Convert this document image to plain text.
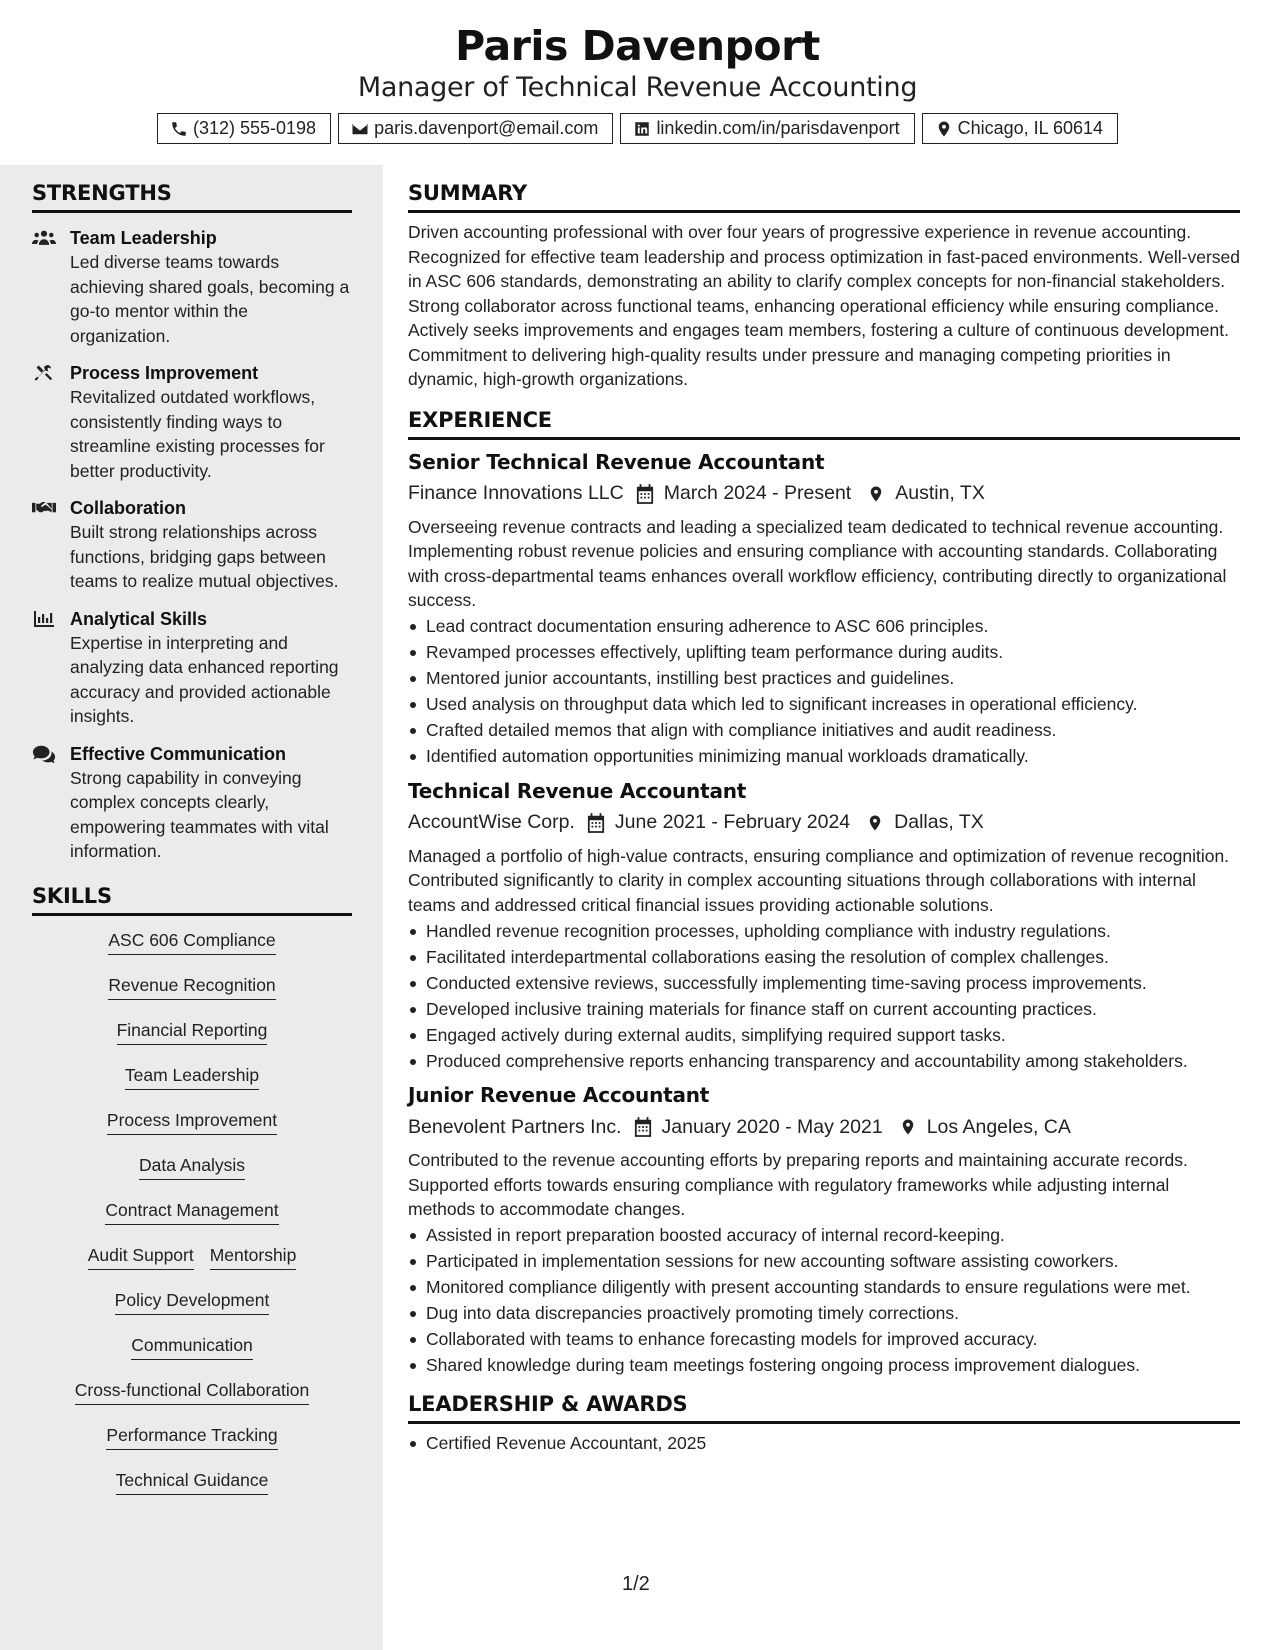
Paris Davenport
Manager of Technical Revenue Accounting
(312) 555-0198	paris.davenport@email.com	linkedin.com/in/parisdavenport	Chicago, IL 60614
STRENGTHS
Team Leadership
Led diverse teams towards achieving shared goals, becoming a go-to mentor within the organization.
Process Improvement
Revitalized outdated workflows, consistently finding ways to streamline existing processes for better productivity.
Collaboration
Built strong relationships across functions, bridging gaps between teams to realize mutual objectives.
Analytical Skills
Expertise in interpreting and analyzing data enhanced reporting accuracy and provided actionable insights.
Effective Communication
Strong capability in conveying complex concepts clearly, empowering teammates with vital information.
SKILLS
ASC 606 Compliance
Revenue Recognition
Financial Reporting
Team Leadership
Process Improvement
Data Analysis
Contract Management
Audit Support Mentorship
Policy Development
Communication
Cross-functional Collaboration
Performance Tracking
Technical Guidance
SUMMARY
Driven accounting professional with over four years of progressive experience in revenue accounting. Recognized for effective team leadership and process optimization in fast-paced environments. Well-versed in ASC 606 standards, demonstrating an ability to clarify complex concepts for non-financial stakeholders. Strong collaborator across functional teams, enhancing operational efficiency while ensuring compliance. Actively seeks improvements and engages team members, fostering a culture of continuous development. Commitment to delivering high-quality results under pressure and managing competing priorities in dynamic, high-growth organizations.
EXPERIENCE
Senior Technical Revenue Accountant
Finance Innovations LLC March 2024 - Present Austin, TX
Overseeing revenue contracts and leading a specialized team dedicated to technical revenue accounting. Implementing robust revenue policies and ensuring compliance with accounting standards. Collaborating with cross-departmental teams enhances overall workflow efficiency, contributing directly to organizational success.
Lead contract documentation ensuring adherence to ASC 606 principles.
Revamped processes effectively, uplifting team performance during audits.
Mentored junior accountants, instilling best practices and guidelines.
Used analysis on throughput data which led to significant increases in operational efficiency.
Crafted detailed memos that align with compliance initiatives and audit readiness.
Identified automation opportunities minimizing manual workloads dramatically.
Technical Revenue Accountant
AccountWise Corp. June 2021 - February 2024 Dallas, TX
Managed a portfolio of high-value contracts, ensuring compliance and optimization of revenue recognition. Contributed significantly to clarity in complex accounting situations through collaborations with internal teams and addressed critical financial issues providing actionable solutions.
Handled revenue recognition processes, upholding compliance with industry regulations.
Facilitated interdepartmental collaborations easing the resolution of complex challenges.
Conducted extensive reviews, successfully implementing time-saving process improvements.
Developed inclusive training materials for finance staff on current accounting practices.
Engaged actively during external audits, simplifying required support tasks.
Produced comprehensive reports enhancing transparency and accountability among stakeholders.
Junior Revenue Accountant
Benevolent Partners Inc. January 2020 - May 2021 Los Angeles, CA
Contributed to the revenue accounting efforts by preparing reports and maintaining accurate records. Supported efforts towards ensuring compliance with regulatory frameworks while adjusting internal methods to accommodate changes.
Assisted in report preparation boosted accuracy of internal record-keeping.
Participated in implementation sessions for new accounting software assisting coworkers.
Monitored compliance diligently with present accounting standards to ensure regulations were met.
Dug into data discrepancies proactively promoting timely corrections.
Collaborated with teams to enhance forecasting models for improved accuracy.
Shared knowledge during team meetings fostering ongoing process improvement dialogues.
LEADERSHIP & AWARDS
Certified Revenue Accountant, 2025
1/2
